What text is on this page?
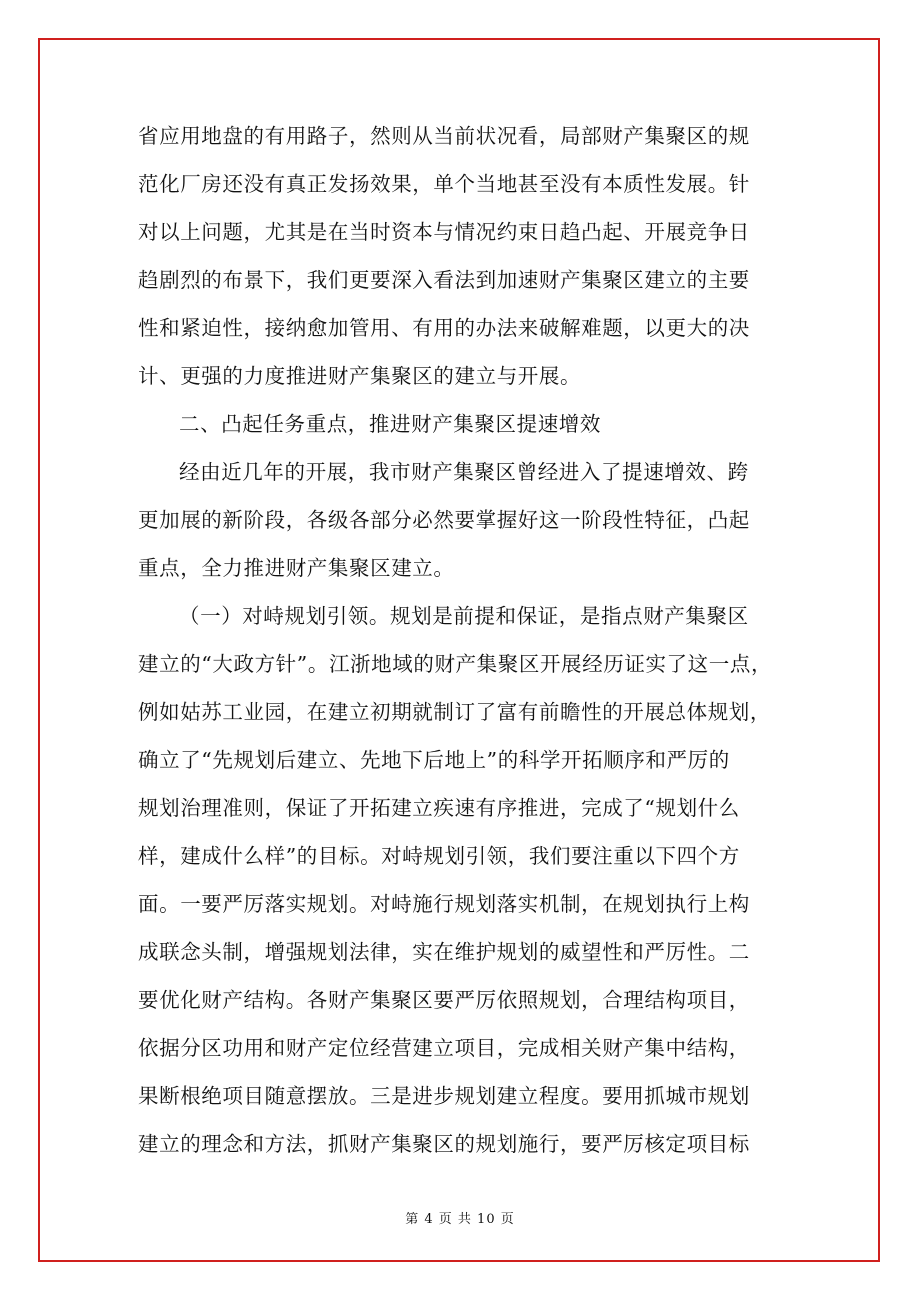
省应用地盘的有用路子，然则从当前状况看，局部财产集聚区的规
范化厂房还没有真正发扬效果，单个当地甚至没有本质性发展。针
对以上问题，尤其是在当时资本与情况约束日趋凸起、开展竞争日
趋剧烈的布景下，我们更要深入看法到加速财产集聚区建立的主要
性和紧迫性，接纳愈加管用、有用的办法来破解难题，以更大的决
计、更强的力度推进财产集聚区的建立与开展。
二、凸起任务重点，推进财产集聚区提速增效
经由近几年的开展，我市财产集聚区曾经进入了提速增效、跨
更加展的新阶段，各级各部分必然要掌握好这一阶段性特征，凸起
重点，全力推进财产集聚区建立。
（一）对峙规划引领。规划是前提和保证，是指点财产集聚区
建立的“大政方针”。江浙地域的财产集聚区开展经历证实了这一点，
例如姑苏工业园，在建立初期就制订了富有前瞻性的开展总体规划，
确立了“先规划后建立、先地下后地上”的科学开拓顺序和严厉的
规划治理准则，保证了开拓建立疾速有序推进，完成了“规划什么
样，建成什么样”的目标。对峙规划引领，我们要注重以下四个方
面。一要严厉落实规划。对峙施行规划落实机制，在规划执行上构
成联念头制，增强规划法律，实在维护规划的威望性和严厉性。二
要优化财产结构。各财产集聚区要严厉依照规划，合理结构项目，
依据分区功用和财产定位经营建立项目，完成相关财产集中结构，
果断根绝项目随意摆放。三是进步规划建立程度。要用抓城市规划
建立的理念和方法，抓财产集聚区的规划施行，要严厉核定项目标
第 4 页 共 10 页
